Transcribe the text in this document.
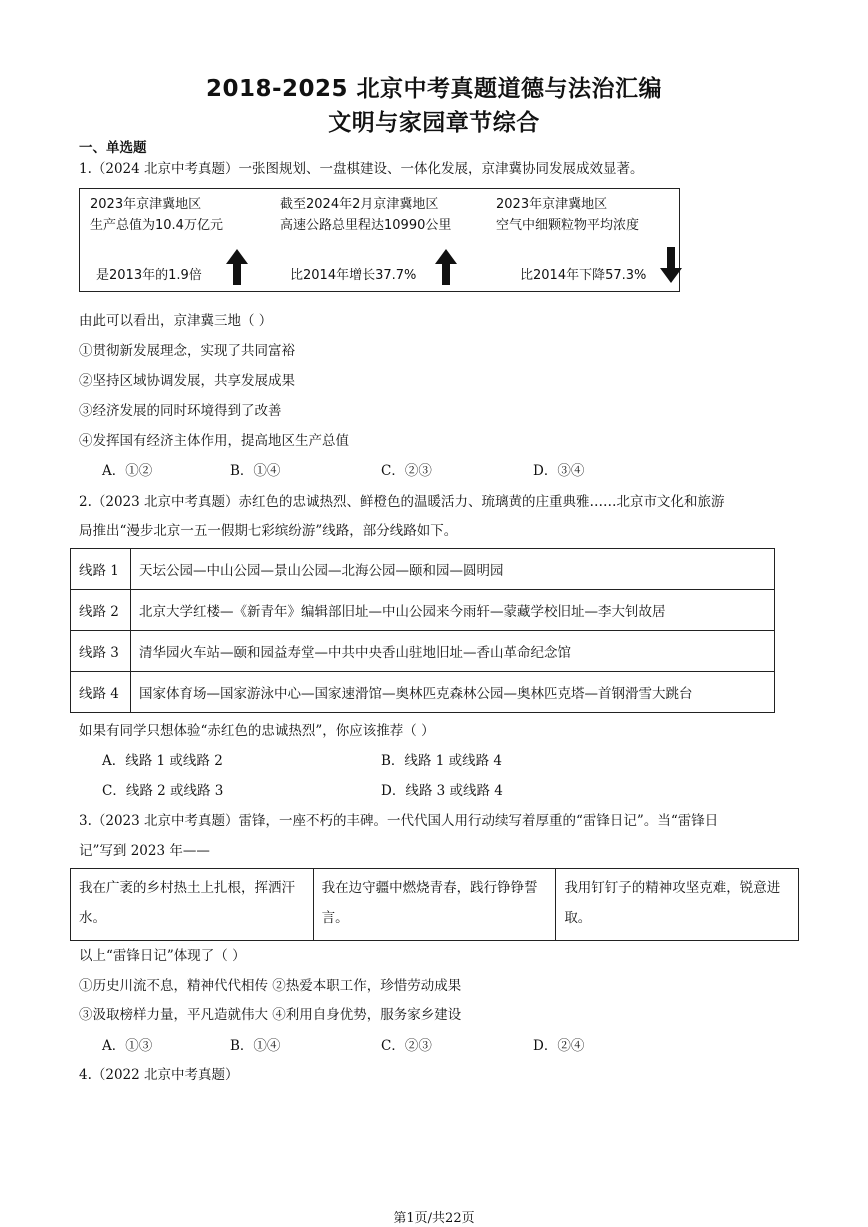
2018-2025 北京中考真题道德与法治汇编
文明与家园章节综合
一、单选题
1.（2024 北京中考真题）一张图规划、一盘棋建设、一体化发展，京津冀协同发展成效显著。
2023年京津冀地区
生产总值为10.4万亿元
是2013年的1.9倍
截至2024年2月京津冀地区
高速公路总里程达10990公里
比2014年增长37.7%
2023年京津冀地区
空气中细颗粒物平均浓度
比2014年下降57.3%
由此可以看出，京津冀三地（ ）
①贯彻新发展理念，实现了共同富裕
②坚持区域协调发展，共享发展成果
③经济发展的同时环境得到了改善
④发挥国有经济主体作用，提高地区生产总值
A．①②	B．①④	C．②③	D．③④
2.（2023 北京中考真题）赤红色的忠诚热烈、鲜橙色的温暖活力、琉璃黄的庄重典雅……北京市文化和旅游
局推出“漫步北京一五一假期七彩缤纷游”线路，部分线路如下。
线路 1	天坛公园—中山公园—景山公园—北海公园—颐和园—圆明园
线路 2	北京大学红楼—《新青年》编辑部旧址—中山公园来今雨轩—蒙藏学校旧址—李大钊故居
线路 3	清华园火车站—颐和园益寿堂—中共中央香山驻地旧址—香山革命纪念馆
线路 4	国家体育场—国家游泳中心—国家速滑馆—奥林匹克森林公园—奥林匹克塔—首钢滑雪大跳台
如果有同学只想体验“赤红色的忠诚热烈”，你应该推荐（ ）
A．线路 1 或线路 2	B．线路 1 或线路 4
C．线路 2 或线路 3	D．线路 3 或线路 4
3.（2023 北京中考真题）雷锋，一座不朽的丰碑。一代代国人用行动续写着厚重的“雷锋日记”。当“雷锋日
记”写到 2023 年——
我在广袤的乡村热土上扎根，挥洒汗水。	我在边守疆中燃烧青春，践行铮铮誓言。	我用钉钉子的精神攻坚克难，锐意进取。
以上“雷锋日记”体现了（ ）
①历史川流不息，精神代代相传 ②热爱本职工作，珍惜劳动成果
③汲取榜样力量，平凡造就伟大 ④利用自身优势，服务家乡建设
A．①③	B．①④	C．②③	D．②④
4.（2022 北京中考真题）
第1页/共22页
